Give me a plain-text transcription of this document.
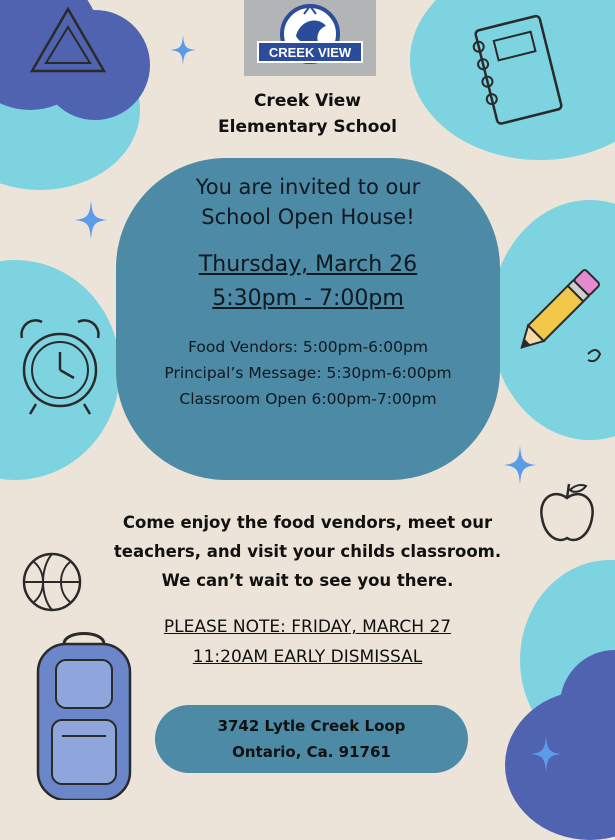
CREEK VIEW
Creek View
Elementary School
You are invited to our
School Open House!
Thursday, March 26
5:30pm - 7:00pm
Food Vendors: 5:00pm-6:00pm
Principal’s Message: 5:30pm-6:00pm
Classroom Open 6:00pm-7:00pm
Come enjoy the food vendors, meet our
teachers, and visit your childs classroom.
We can’t wait to see you there.
PLEASE NOTE: FRIDAY, MARCH 27
11:20AM EARLY DISMISSAL
3742 Lytle Creek Loop
Ontario, Ca. 91761
